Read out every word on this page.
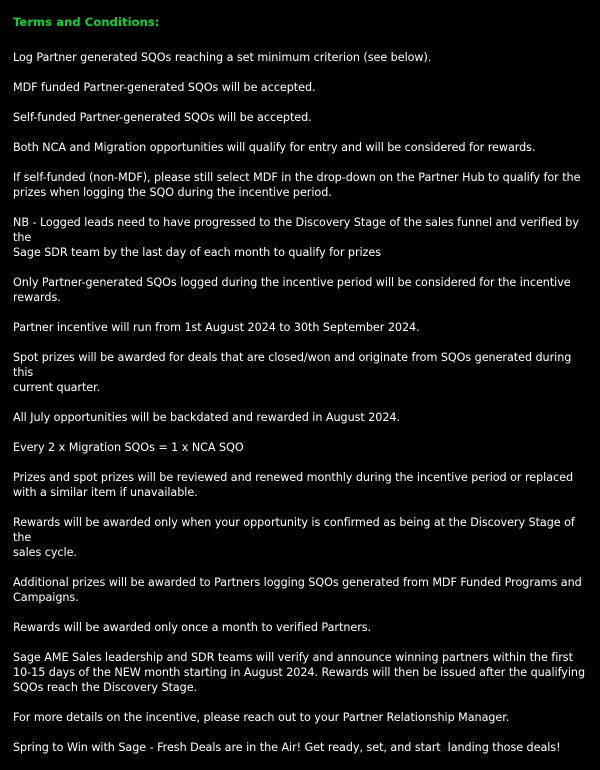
Terms and Conditions:
Log Partner generated SQOs reaching a set minimum criterion (see below).
MDF funded Partner-generated SQOs will be accepted.
Self-funded Partner-generated SQOs will be accepted.
Both NCA and Migration opportunities will qualify for entry and will be considered for rewards.
If self-funded (non-MDF), please still select MDF in the drop-down on the Partner Hub to qualify for the
prizes when logging the SQO during the incentive period.
NB - Logged leads need to have progressed to the Discovery Stage of the sales funnel and verified by the
Sage SDR team by the last day of each month to qualify for prizes
Only Partner-generated SQOs logged during the incentive period will be considered for the incentive
rewards.
Partner incentive will run from 1st August 2024 to 30th September 2024.
Spot prizes will be awarded for deals that are closed/won and originate from SQOs generated during this
current quarter.
All July opportunities will be backdated and rewarded in August 2024.
Every 2 x Migration SQOs = 1 x NCA SQO
Prizes and spot prizes will be reviewed and renewed monthly during the incentive period or replaced
with a similar item if unavailable.
Rewards will be awarded only when your opportunity is confirmed as being at the Discovery Stage of the
sales cycle.
Additional prizes will be awarded to Partners logging SQOs generated from MDF Funded Programs and
Campaigns.
Rewards will be awarded only once a month to verified Partners.
Sage AME Sales leadership and SDR teams will verify and announce winning partners within the first
10-15 days of the NEW month starting in August 2024. Rewards will then be issued after the qualifying
SQOs reach the Discovery Stage.
For more details on the incentive, please reach out to your Partner Relationship Manager.
Spring to Win with Sage - Fresh Deals are in the Air! Get ready, set, and start  landing those deals!
